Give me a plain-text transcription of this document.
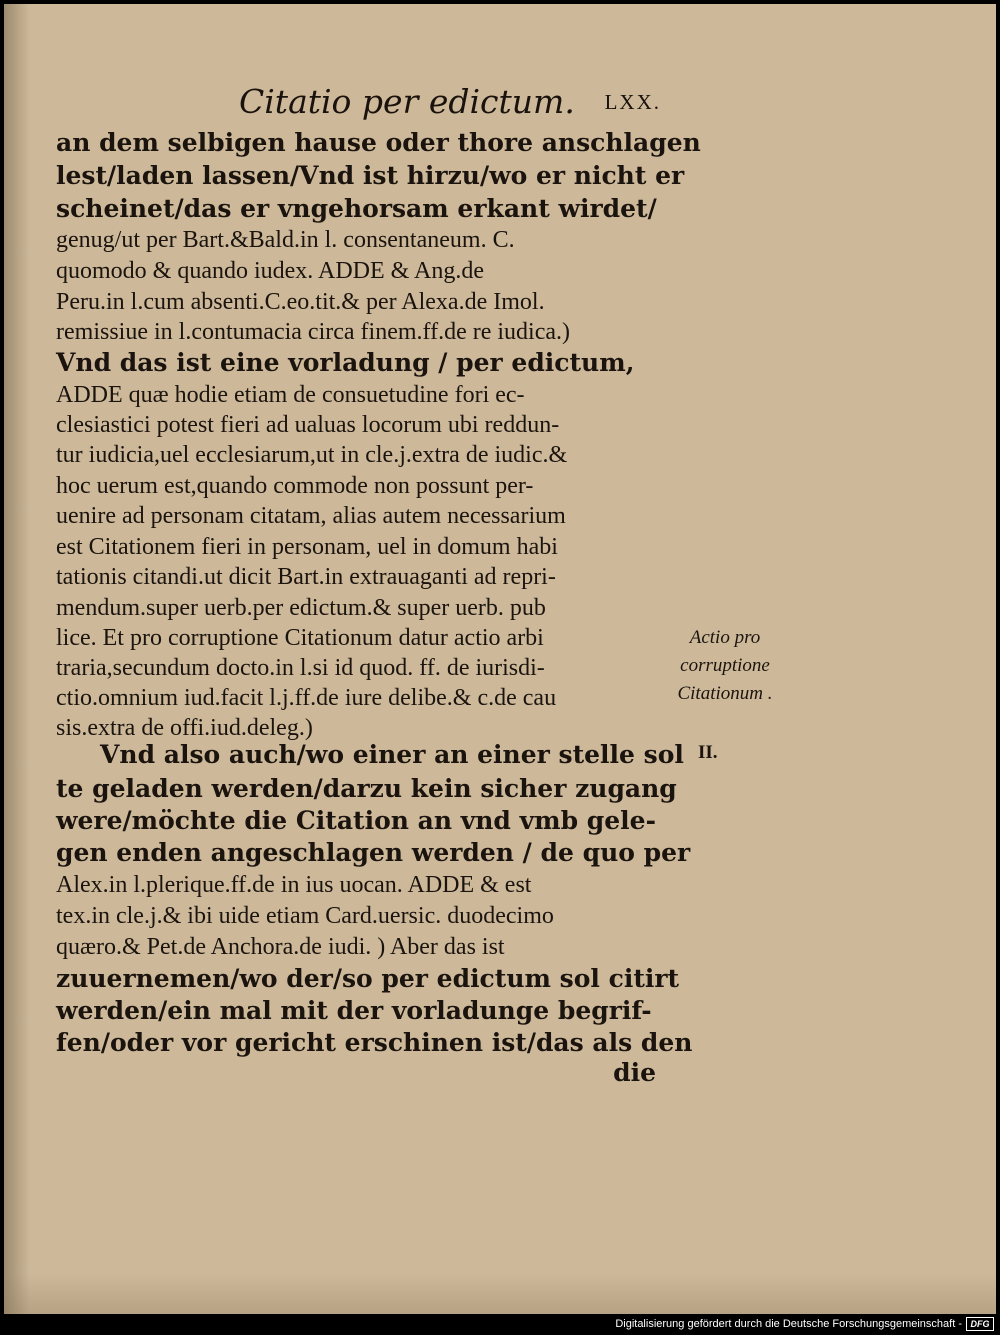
Citatio per edictum. LXX.
an dem selbigen hause oder thore anschlagen
lest/laden lassen/Vnd ist hirzu/wo er nicht er
scheinet/das er vngehorsam erkant wirdet/
genug/ut per Bart.&Bald.in l. consentaneum. C.
quomodo & quando iudex. ADDE & Ang.de
Peru.in l.cum absenti.C.eo.tit.& per Alexa.de Imol.
remissiue in l.contumacia circa finem.ff.de re iudica.)
Vnd das ist eine vorladung / per edictum,
ADDE quæ hodie etiam de consuetudine fori ec-
clesiastici potest fieri ad ualuas locorum ubi reddun-
tur iudicia,uel ecclesiarum,ut in cle.j.extra de iudic.&
hoc uerum est,quando commode non possunt per-
uenire ad personam citatam, alias autem necessarium
est Citationem fieri in personam, uel in domum habi
tationis citandi.ut dicit Bart.in extrauaganti ad repri-
mendum.super uerb.per edictum.& super uerb. pub
lice. Et pro corruptione Citationum datur actio arbi
traria,secundum docto.in l.si id quod. ff. de iurisdi-
ctio.omnium iud.facit l.j.ff.de iure delibe.& c.de cau
sis.extra de offi.iud.deleg.)
Vnd also auch/wo einer an einer stelle sol
te geladen werden/darzu kein sicher zugang
were/möchte die Citation an vnd vmb gele-
gen enden angeschlagen werden / de quo per
Alex.in l.plerique.ff.de in ius uocan. ADDE & est
tex.in cle.j.& ibi uide etiam Card.uersic. duodecimo
quæro.& Pet.de Anchora.de iudi. ) Aber das ist
zuuernemen/wo der/so per edictum sol citirt
werden/ein mal mit der vorladunge begrif-
fen/oder vor gericht erschinen ist/das als den
die
Actio pro
corruptione
Citationum .
II.
Digitalisierung gefördert durch die Deutsche Forschungsgemeinschaft - DFG
